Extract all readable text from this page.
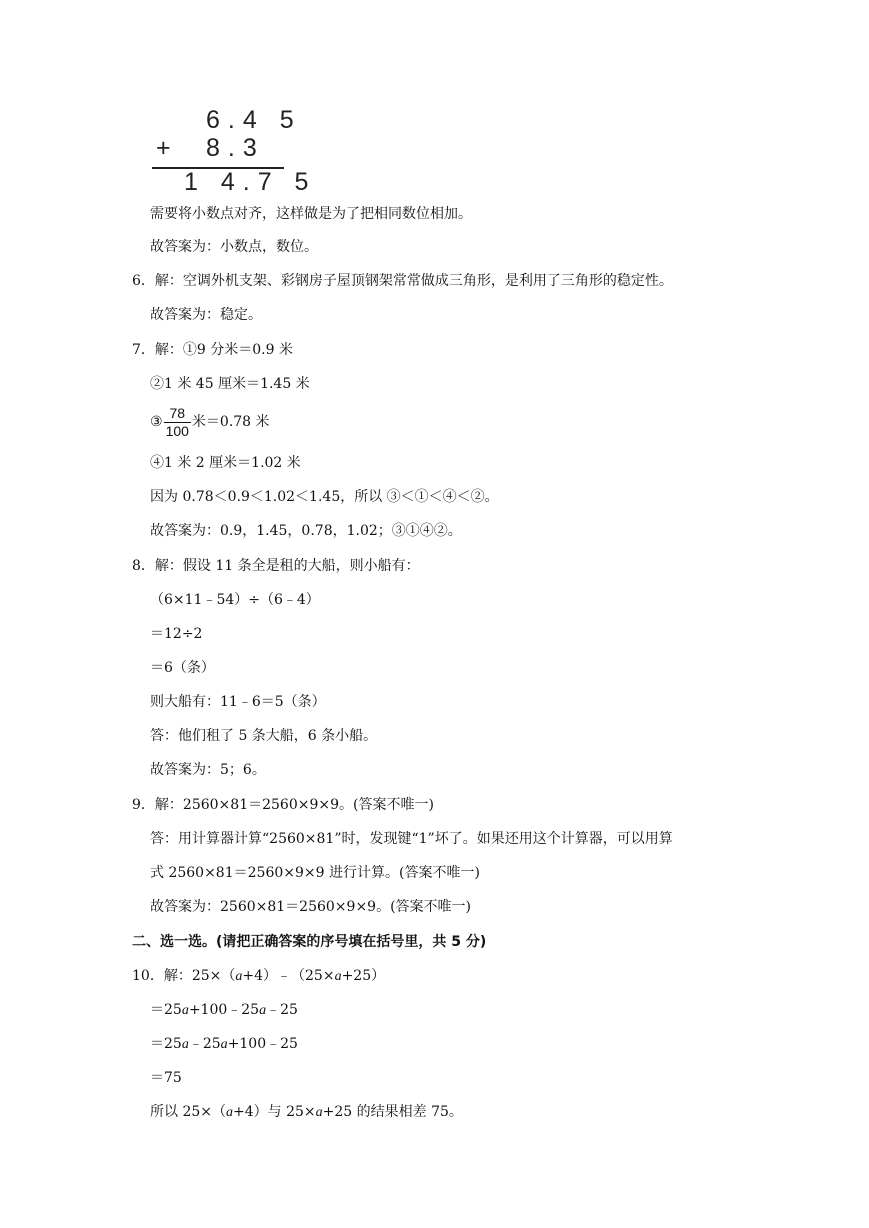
6.4 5
+ 8.3
1 4.7 5
需要将小数点对齐，这样做是为了把相同数位相加。
故答案为：小数点，数位。
6．解：空调外机支架、彩钢房子屋顶钢架常常做成三角形，是利用了三角形的稳定性。
故答案为：稳定。
7．解：①9 分米＝0.9 米
②1 米 45 厘米＝1.45 米
③ $\frac{78}{100}$ 米＝0.78 米
④1 米 2 厘米＝1.02 米
因为 0.78＜0.9＜1.02＜1.45，所以 ③＜①＜④＜②。
故答案为：0.9，1.45，0.78，1.02；③①④②。
8．解：假设 11 条全是租的大船，则小船有：
（6×11﹣54）÷（6﹣4）
＝12÷2
＝6（条）
则大船有：11﹣6＝5（条）
答：他们租了 5 条大船，6 条小船。
故答案为：5；6。
9．解：2560×81＝2560×9×9。(答案不唯一)
答：用计算器计算“2560×81”时，发现键“1”坏了。如果还用这个计算器，可以用算
式 2560×81＝2560×9×9 进行计算。(答案不唯一)
故答案为：2560×81＝2560×9×9。(答案不唯一)
二、选一选。(请把正确答案的序号填在括号里，共 5 分)
10．解：25×（a+4）﹣（25×a+25）
＝25a+100﹣25a﹣25
＝25a﹣25a+100﹣25
＝75
所以 25×（a+4）与 25×a+25 的结果相差 75。
